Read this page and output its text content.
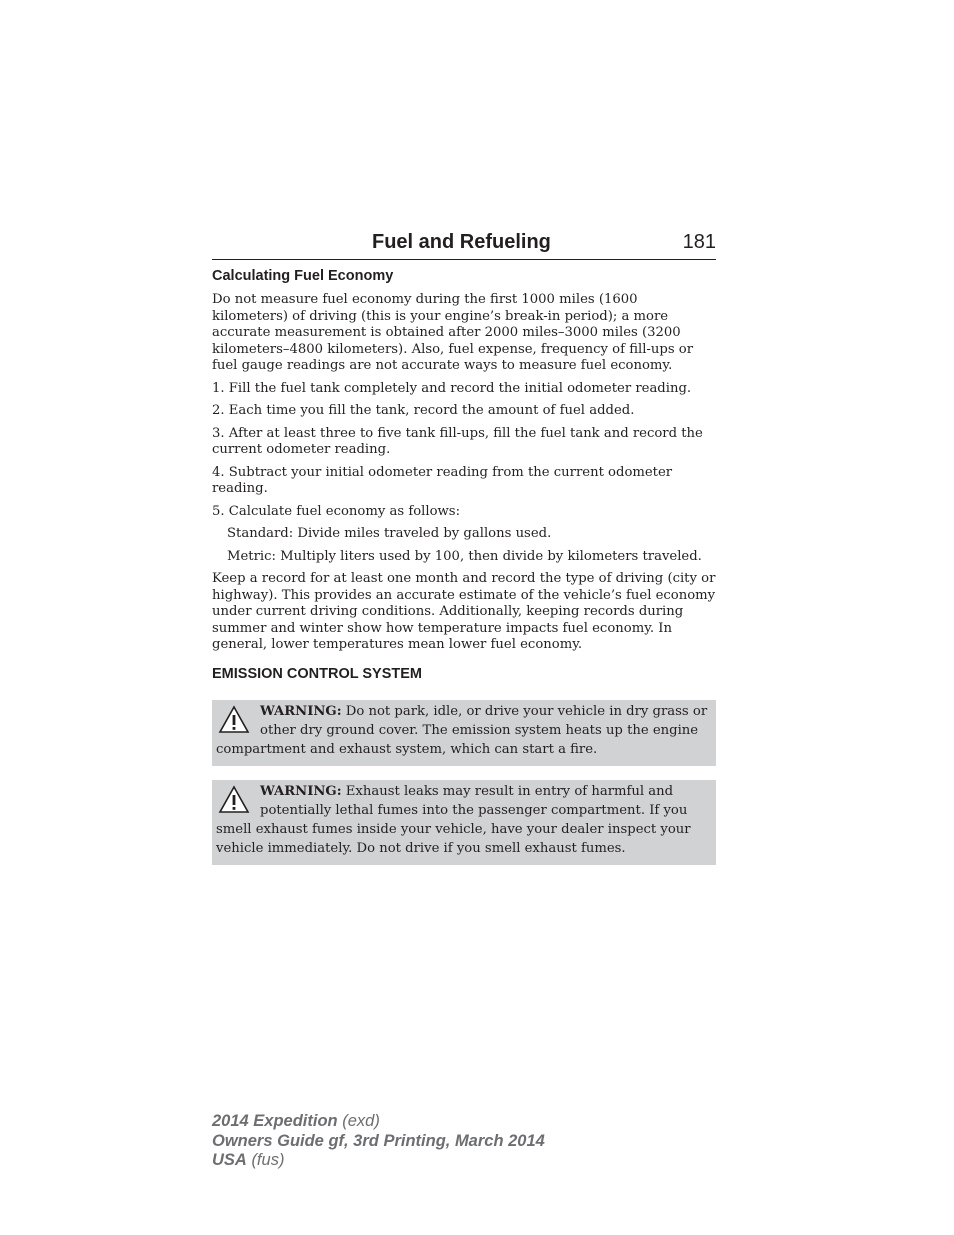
Fuel and Refueling	181
Calculating Fuel Economy

Do not measure fuel economy during the first 1000 miles (1600 kilometers) of driving (this is your engine’s break-in period); a more accurate measurement is obtained after 2000 miles–3000 miles (3200 kilometers–4800 kilometers). Also, fuel expense, frequency of fill-ups or fuel gauge readings are not accurate ways to measure fuel economy.

1. Fill the fuel tank completely and record the initial odometer reading.

2. Each time you fill the tank, record the amount of fuel added.

3. After at least three to five tank fill-ups, fill the fuel tank and record the current odometer reading.

4. Subtract your initial odometer reading from the current odometer reading.

5. Calculate fuel economy as follows:

Standard: Divide miles traveled by gallons used.

Metric: Multiply liters used by 100, then divide by kilometers traveled.

Keep a record for at least one month and record the type of driving (city or highway). This provides an accurate estimate of the vehicle’s fuel economy under current driving conditions. Additionally, keeping records during summer and winter show how temperature impacts fuel economy. In general, lower temperatures mean lower fuel economy.

EMISSION CONTROL SYSTEM
WARNING: Do not park, idle, or drive your vehicle in dry grass or other dry ground cover. The emission system heats up the engine compartment and exhaust system, which can start a fire.
WARNING: Exhaust leaks may result in entry of harmful and potentially lethal fumes into the passenger compartment. If you smell exhaust fumes inside your vehicle, have your dealer inspect your vehicle immediately. Do not drive if you smell exhaust fumes.
2014 Expedition (exd)
Owners Guide gf, 3rd Printing, March 2014
USA (fus)
